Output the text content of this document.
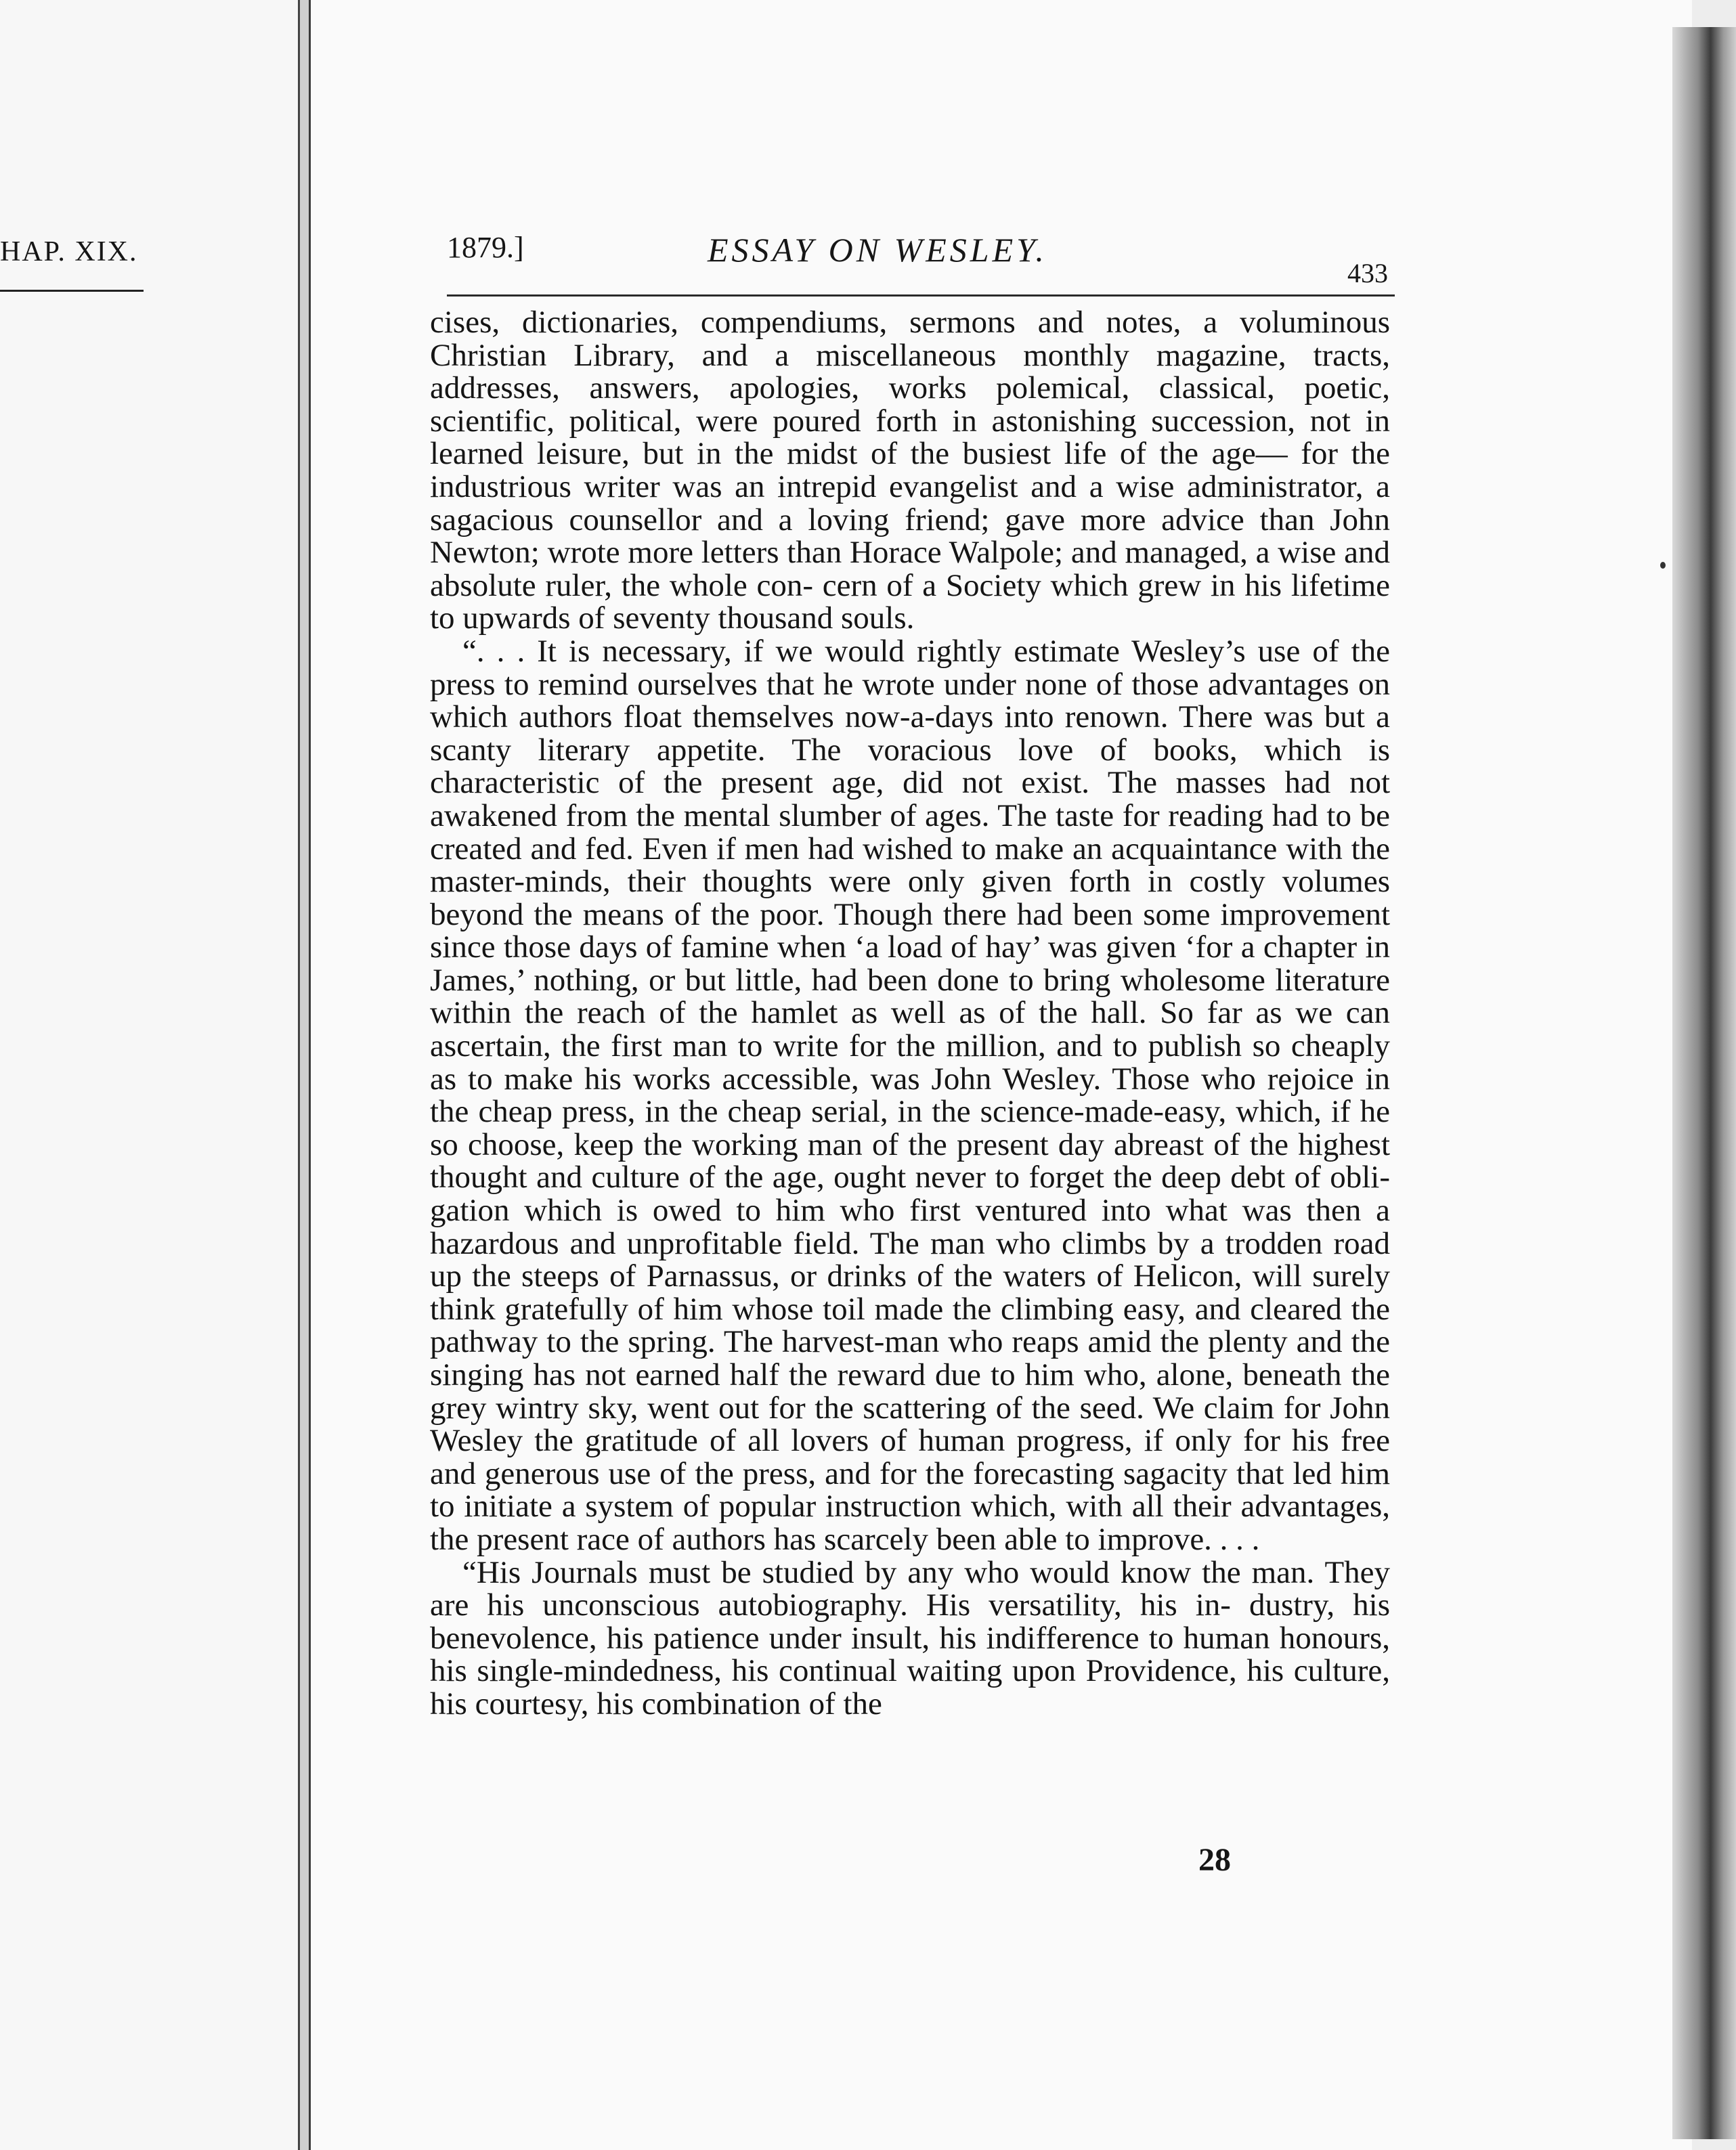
HAP. XIX.	1879.]	ESSAY ON WESLEY.
433

cises, dictionaries, compendiums, sermons and notes, a voluminous Christian Library, and a miscellaneous monthly magazine, tracts, addresses, answers, apologies, works polemical, classical, poetic, scientific, political, were poured forth in astonishing succession, not in learned leisure, but in the midst of the busiest life of the age— for the industrious writer was an intrepid evangelist and a wise administrator, a sagacious counsellor and a loving friend; gave more advice than John Newton; wrote more letters than Horace Walpole; and managed, a wise and absolute ruler, the whole con- cern of a Society which grew in his lifetime to upwards of seventy thousand souls.

“. . . It is necessary, if we would rightly estimate Wesley’s use of the press to remind ourselves that he wrote under none of those advantages on which authors float themselves now-a-days into renown. There was but a scanty literary appetite. The voracious love of books, which is characteristic of the present age, did not exist. The masses had not awakened from the mental slumber of ages. The taste for reading had to be created and fed. Even if men had wished to make an acquaintance with the master-minds, their thoughts were only given forth in costly volumes beyond the means of the poor. Though there had been some improvement since those days of famine when ‘a load of hay’ was given ‘for a chapter in James,’ nothing, or but little, had been done to bring wholesome literature within the reach of the hamlet as well as of the hall. So far as we can ascertain, the first man to write for the million, and to publish so cheaply as to make his works accessible, was John Wesley. Those who rejoice in the cheap press, in the cheap serial, in the science-made-easy, which, if he so choose, keep the working man of the present day abreast of the highest thought and culture of the age, ought never to forget the deep debt of obli- gation which is owed to him who first ventured into what was then a hazardous and unprofitable field. The man who climbs by a trodden road up the steeps of Parnassus, or drinks of the waters of Helicon, will surely think gratefully of him whose toil made the climbing easy, and cleared the pathway to the spring. The harvest-man who reaps amid the plenty and the singing has not earned half the reward due to him who, alone, beneath the grey wintry sky, went out for the scattering of the seed. We claim for John Wesley the gratitude of all lovers of human progress, if only for his free and generous use of the press, and for the forecasting sagacity that led him to initiate a system of popular instruction which, with all their advantages, the present race of authors has scarcely been able to improve. . . .

“His Journals must be studied by any who would know the man. They are his unconscious autobiography. His versatility, his in- dustry, his benevolence, his patience under insult, his indifference to human honours, his single-mindedness, his continual waiting upon Providence, his culture, his courtesy, his combination of the

28
